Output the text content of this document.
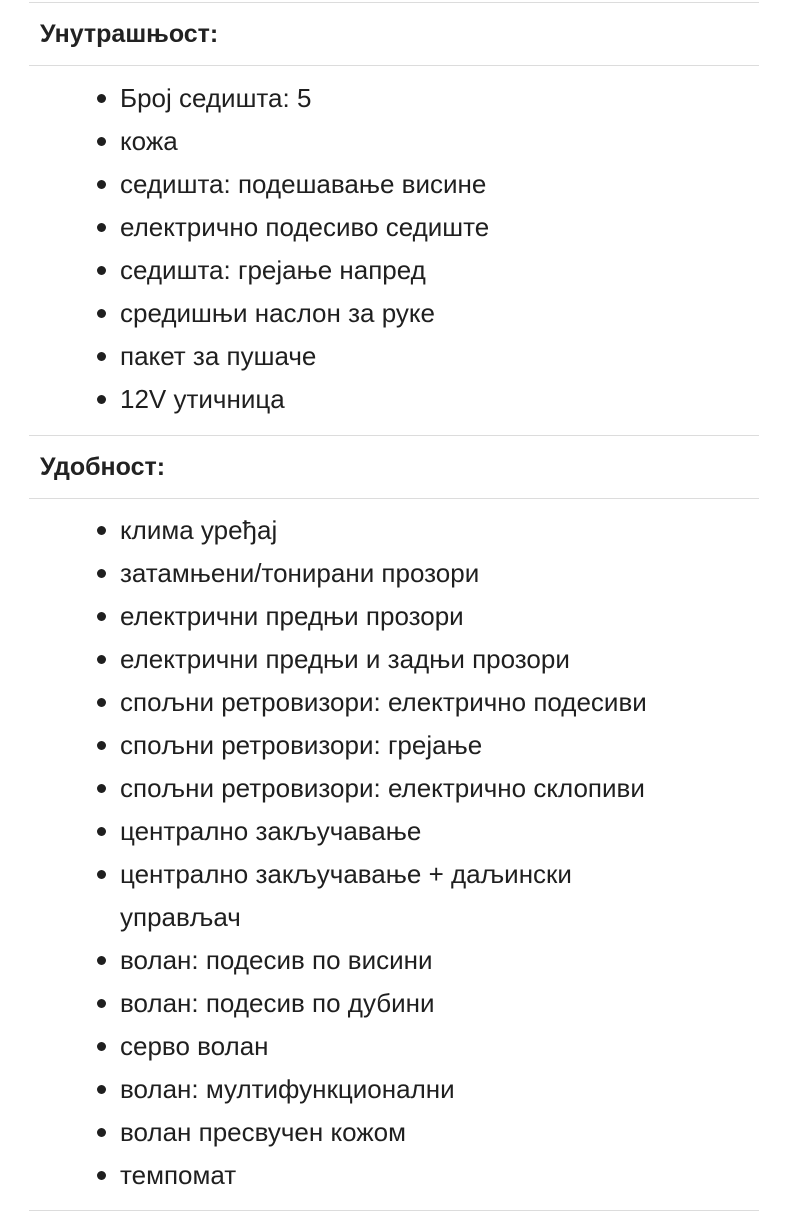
Унутрашњост:
Број седишта: 5
кожа
седишта: подешавање висине
електрично подесиво седиште
седишта: грејање напред
средишњи наслон за руке
пакет за пушаче
12V утичница
Удобност:
клима уређај
затамњени/тонирани прозори
електрични предњи прозори
електрични предњи и задњи прозори
спољни ретровизори: електрично подесиви
спољни ретровизори: грејање
спољни ретровизори: електрично склопиви
централно закључавање
централно закључавање + даљински управљач
волан: подесив по висини
волан: подесив по дубини
серво волан
волан: мултифункционални
волан пресвучен кожом
темпомат
